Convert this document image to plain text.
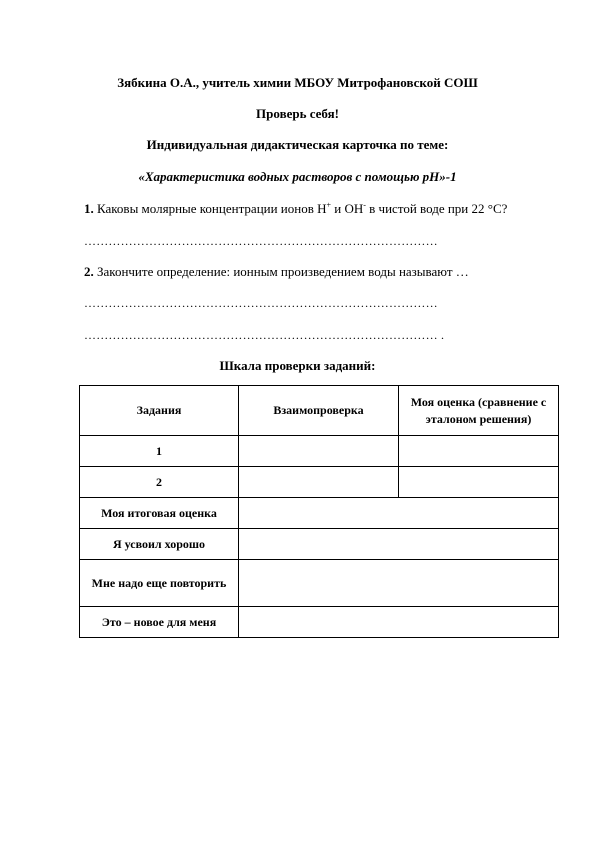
Зябкина О.А., учитель химии МБОУ Митрофановской СОШ
Проверь себя!
Индивидуальная дидактическая карточка по теме:
«Характеристика водных растворов с помощью pH»-1
1. Каковы молярные концентрации ионов H+ и OH- в чистой воде при 22 °C?
……………………………………………………………………………
2. Закончите определение: ионным произведением воды называют …
……………………………………………………………………………
…………………………………………………………………………… .
Шкала проверки заданий:
Задания	Взаимопроверка	Моя оценка (сравнение с эталоном решения)
1		
2		
Моя итоговая оценка		
Я усвоил хорошо		
Мне надо еще повторить		
Это – новое для меня		
